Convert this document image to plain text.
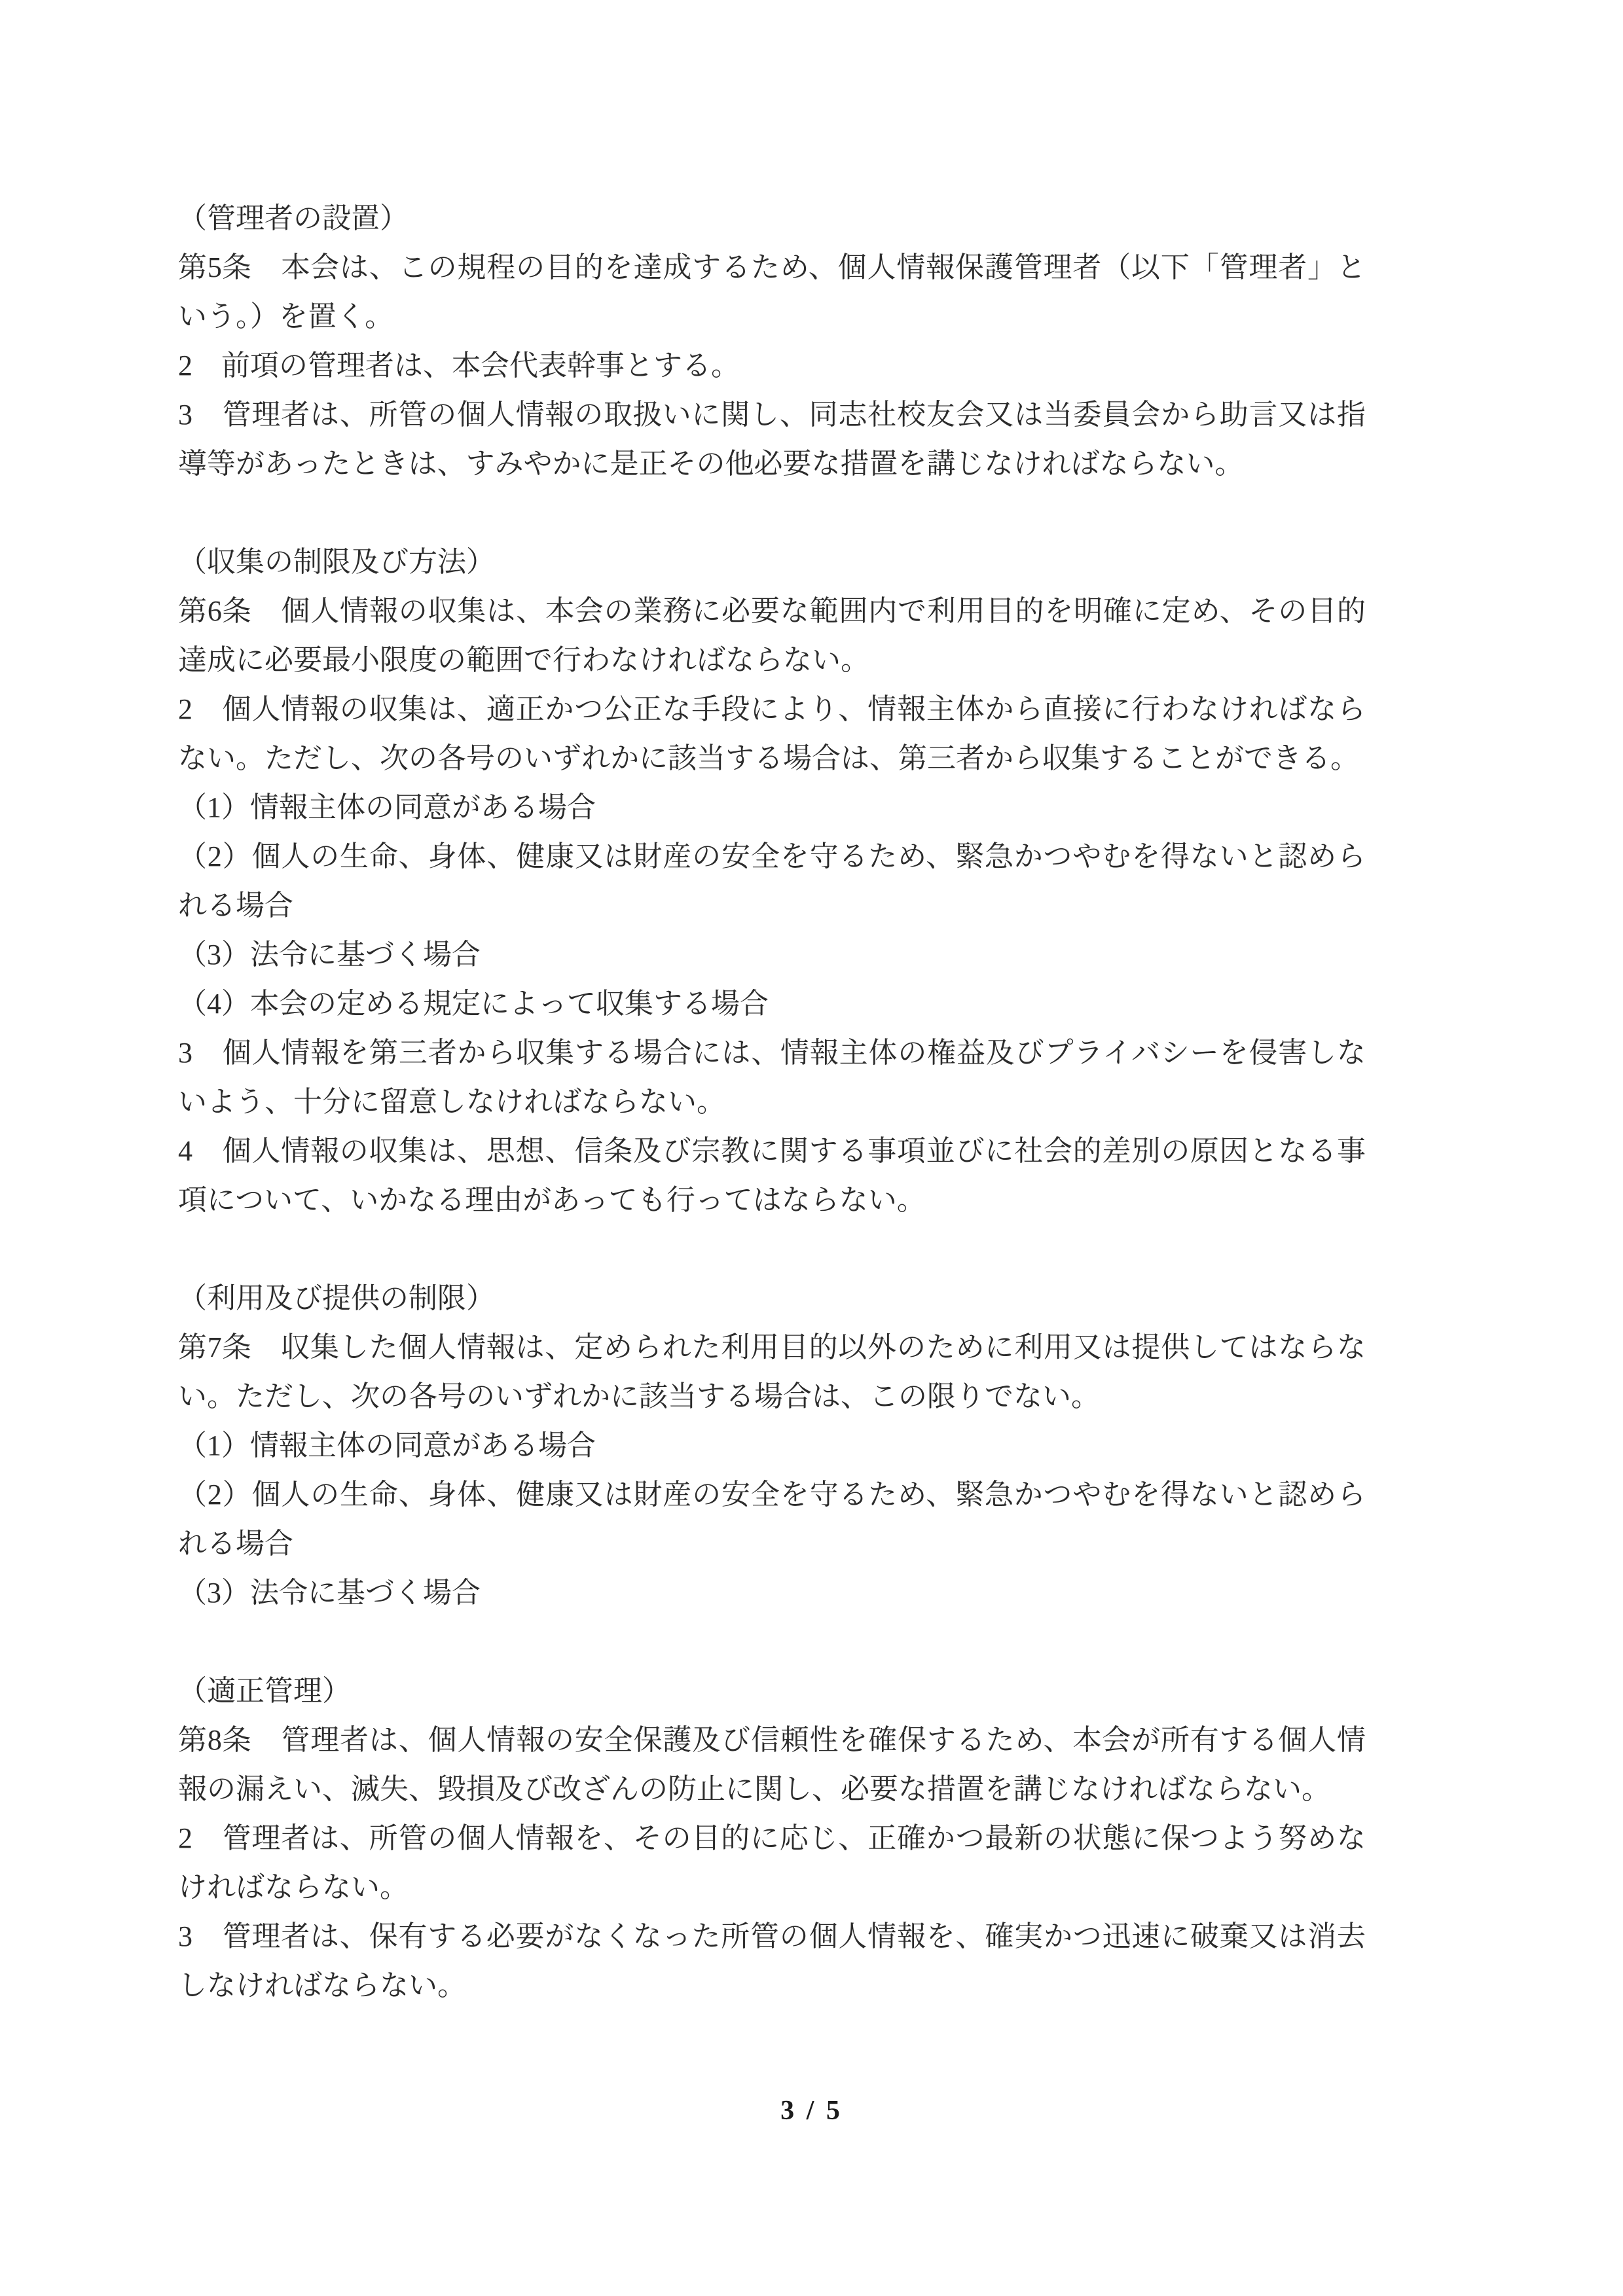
（管理者の設置）

第5条　本会は、この規程の目的を達成するため、個人情報保護管理者（以下「管理者」という。）を置く。

2　前項の管理者は、本会代表幹事とする。

3　管理者は、所管の個人情報の取扱いに関し、同志社校友会又は当委員会から助言又は指導等があったときは、すみやかに是正その他必要な措置を講じなければならない。

（収集の制限及び方法）

第6条　個人情報の収集は、本会の業務に必要な範囲内で利用目的を明確に定め、その目的達成に必要最小限度の範囲で行わなければならない。

2　個人情報の収集は、適正かつ公正な手段により、情報主体から直接に行わなければならない。ただし、次の各号のいずれかに該当する場合は、第三者から収集することができる。

（1）情報主体の同意がある場合

（2）個人の生命、身体、健康又は財産の安全を守るため、緊急かつやむを得ないと認められる場合

（3）法令に基づく場合

（4）本会の定める規定によって収集する場合

3　個人情報を第三者から収集する場合には、情報主体の権益及びプライバシーを侵害しないよう、十分に留意しなければならない。

4　個人情報の収集は、思想、信条及び宗教に関する事項並びに社会的差別の原因となる事項について、いかなる理由があっても行ってはならない。

（利用及び提供の制限）

第7条　収集した個人情報は、定められた利用目的以外のために利用又は提供してはならない。ただし、次の各号のいずれかに該当する場合は、この限りでない。

（1）情報主体の同意がある場合

（2）個人の生命、身体、健康又は財産の安全を守るため、緊急かつやむを得ないと認められる場合

（3）法令に基づく場合

（適正管理）

第8条　管理者は、個人情報の安全保護及び信頼性を確保するため、本会が所有する個人情報の漏えい、滅失、毀損及び改ざんの防止に関し、必要な措置を講じなければならない。

2　管理者は、所管の個人情報を、その目的に応じ、正確かつ最新の状態に保つよう努めなければならない。

3　管理者は、保有する必要がなくなった所管の個人情報を、確実かつ迅速に破棄又は消去しなければならない。

3 / 5
